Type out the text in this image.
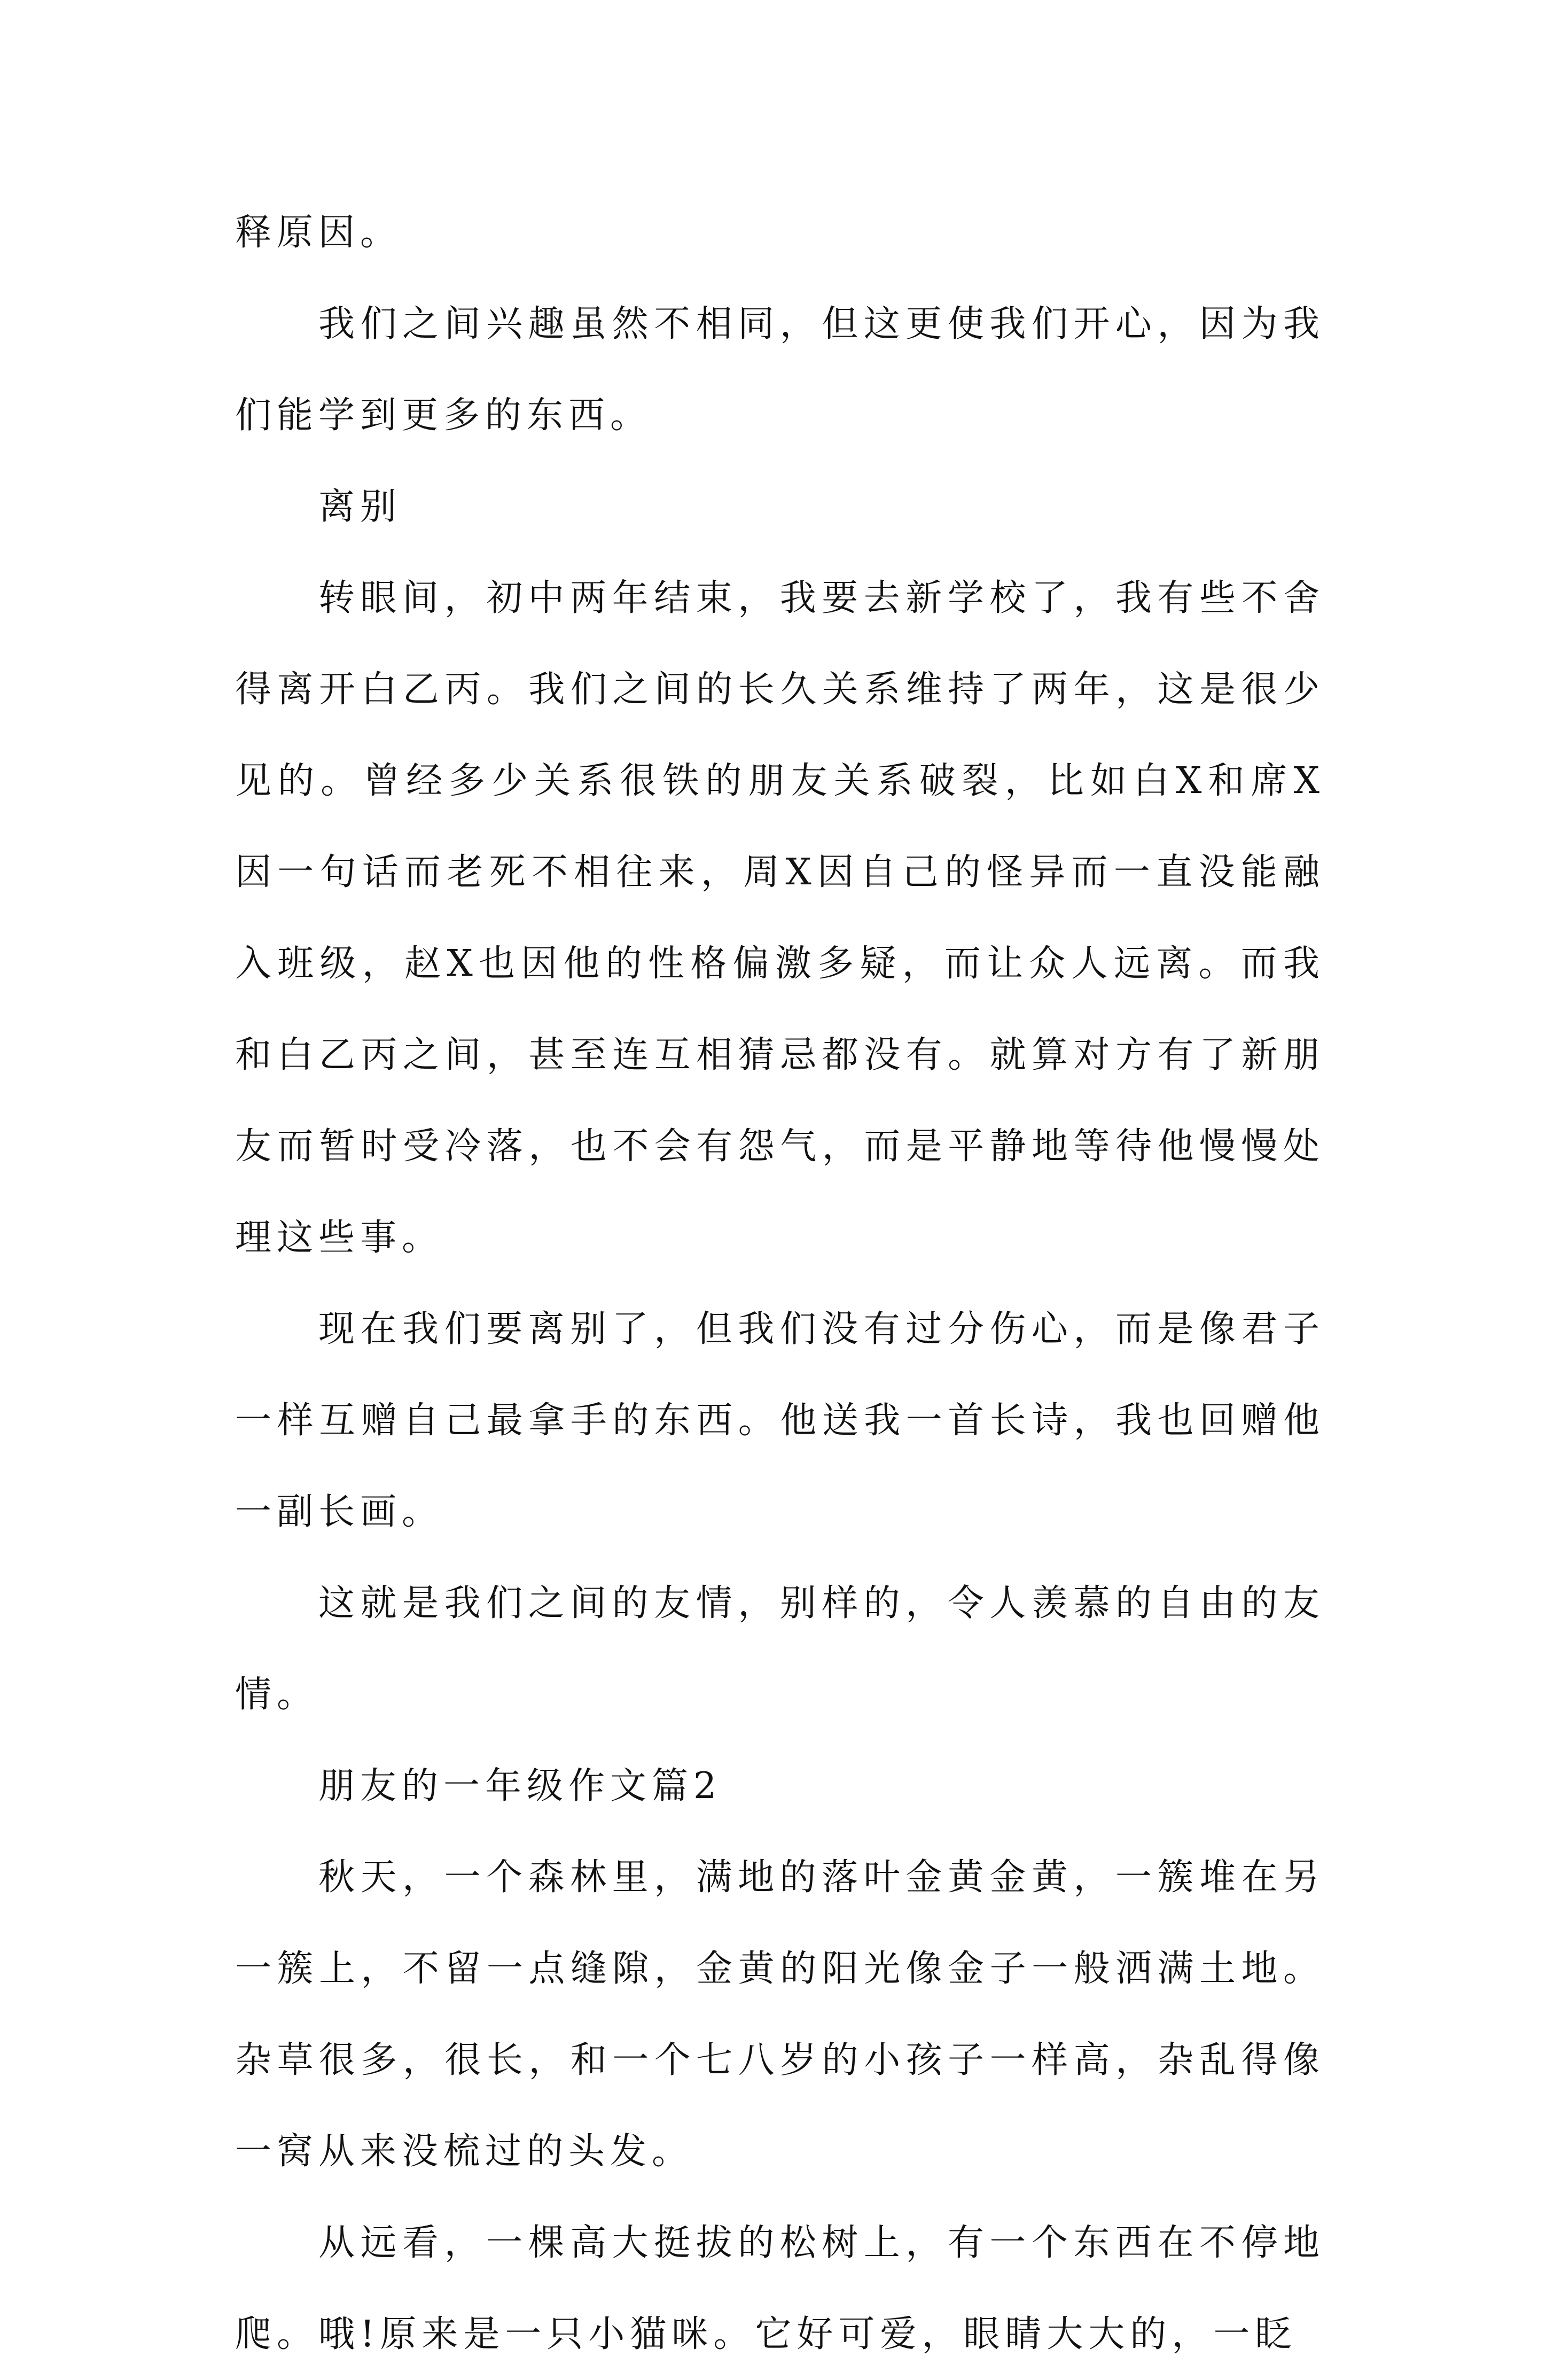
释原因。

我们之间兴趣虽然不相同，但这更使我们开心，因为我们能学到更多的东西。

离别

转眼间，初中两年结束，我要去新学校了，我有些不舍得离开白乙丙。我们之间的长久关系维持了两年，这是很少见的。曾经多少关系很铁的朋友关系破裂，比如白X和席X因一句话而老死不相往来，周X因自己的怪异而一直没能融入班级，赵X也因他的性格偏激多疑，而让众人远离。而我和白乙丙之间，甚至连互相猜忌都没有。就算对方有了新朋友而暂时受冷落，也不会有怨气，而是平静地等待他慢慢处理这些事。

现在我们要离别了，但我们没有过分伤心，而是像君子一样互赠自己最拿手的东西。他送我一首长诗，我也回赠他一副长画。

这就是我们之间的友情，别样的，令人羡慕的自由的友情。

朋友的一年级作文篇2

秋天，一个森林里，满地的落叶金黄金黄，一簇堆在另一簇上，不留一点缝隙，金黄的阳光像金子一般洒满土地。杂草很多，很长，和一个七八岁的小孩子一样高，杂乱得像一窝从来没梳过的头发。

从远看，一棵高大挺拔的松树上，有一个东西在不停地爬。哦!原来是一只小猫咪。它好可爱，眼睛大大的，一眨
